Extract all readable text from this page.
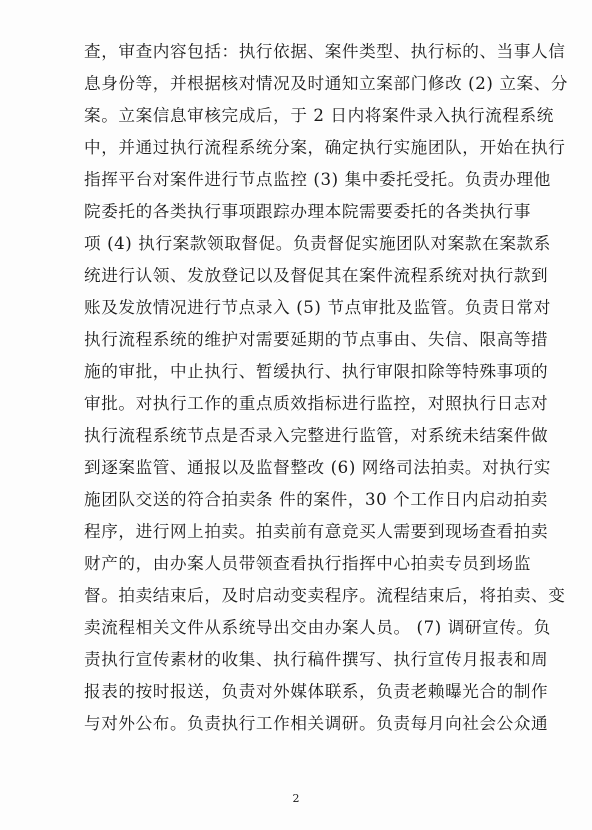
查，审查内容包括：执行依据、案件类型、执行标的、当事人信
息身份等，并根据核对情况及时通知立案部门修改 (2) 立案、分
案。立案信息审核完成后，于 2 日内将案件录入执行流程系统
中，并通过执行流程系统分案，确定执行实施团队，开始在执行
指挥平台对案件进行节点监控 (3) 集中委托受托。负责办理他
院委托的各类执行事项跟踪办理本院需要委托的各类执行事
项 (4) 执行案款领取督促。负责督促实施团队对案款在案款系
统进行认领、发放登记以及督促其在案件流程系统对执行款到
账及发放情况进行节点录入 (5) 节点审批及监管。负责日常对
执行流程系统的维护对需要延期的节点事由、失信、限高等措
施的审批，中止执行、暂缓执行、执行审限扣除等特殊事项的
审批。对执行工作的重点质效指标进行监控，对照执行日志对
执行流程系统节点是否录入完整进行监管，对系统未结案件做
到逐案监管、通报以及监督整改 (6) 网络司法拍卖。对执行实
施团队交送的符合拍卖条 件的案件，30 个工作日内启动拍卖
程序，进行网上拍卖。拍卖前有意竞买人需要到现场查看拍卖
财产的，由办案人员带领查看执行指挥中心拍卖专员到场监
督。拍卖结束后，及时启动变卖程序。流程结束后，将拍卖、变
卖流程相关文件从系统导出交由办案人员。 (7) 调研宣传。负
责执行宣传素材的收集、执行稿件撰写、执行宣传月报表和周
报表的按时报送，负责对外媒体联系，负责老赖曝光合的制作
与对外公布。负责执行工作相关调研。负责每月向社会公众通
2
